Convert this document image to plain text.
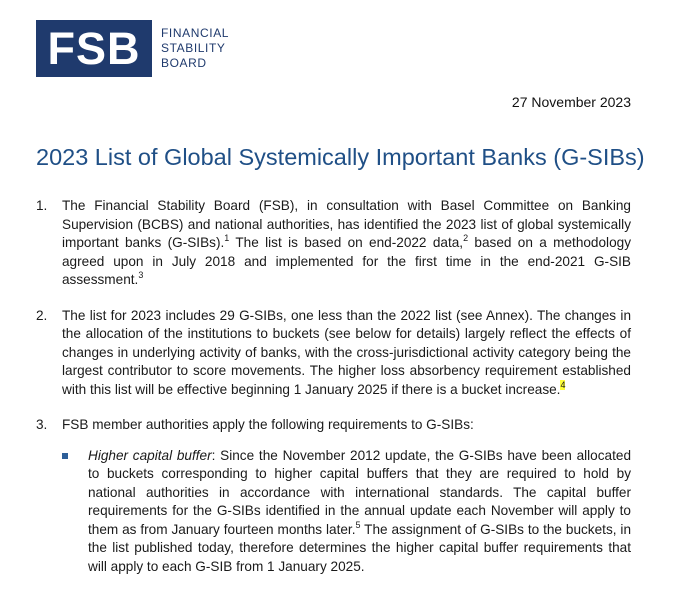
FSB	FINANCIAL
STABILITY
BOARD
27 November 2023
2023 List of Global Systemically Important Banks (G-SIBs)
1.	The Financial Stability Board (FSB), in consultation with Basel Committee on Banking Supervision (BCBS) and national authorities, has identified the 2023 list of global systemically important banks (G-SIBs).$^1$ The list is based on end-2022 data,$^2$ based on a methodology agreed upon in July 2018 and implemented for the first time in the end-2021 G-SIB assessment.$^3$
2.	The list for 2023 includes 29 G-SIBs, one less than the 2022 list (see Annex). The changes in the allocation of the institutions to buckets (see below for details) largely reflect the effects of changes in underlying activity of banks, with the cross-jurisdictional activity category being the largest contributor to score movements. The higher loss absorbency requirement established with this list will be effective beginning 1 January 2025 if there is a bucket increase.$^4$
3.	FSB member authorities apply the following requirements to G-SIBs:
Higher capital buffer: Since the November 2012 update, the G-SIBs have been allocated to buckets corresponding to higher capital buffers that they are required to hold by national authorities in accordance with international standards. The capital buffer requirements for the G-SIBs identified in the annual update each November will apply to them as from January fourteen months later.$^5$ The assignment of G-SIBs to the buckets, in the list published today, therefore determines the higher capital buffer requirements that will apply to each G-SIB from 1 January 2025.
